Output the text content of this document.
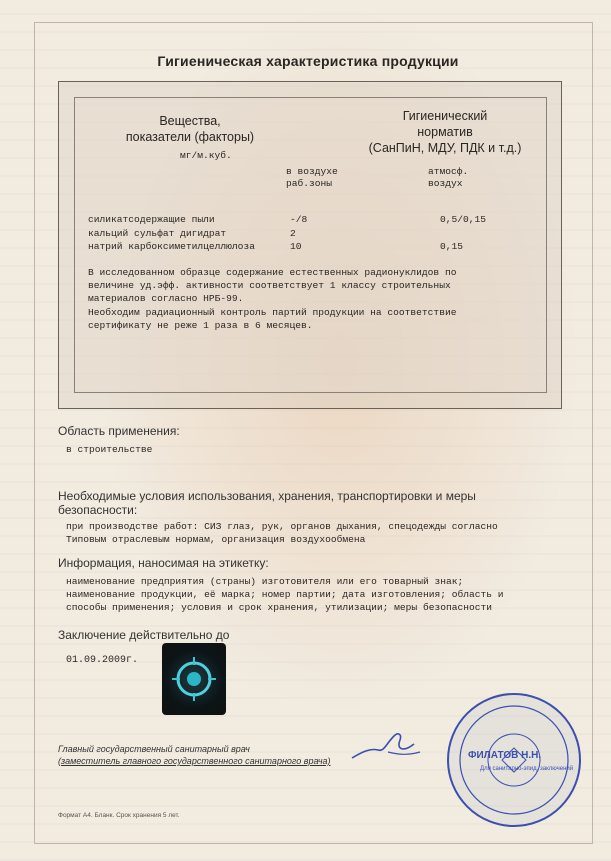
Гигиеническая характеристика продукции
Вещества,
показатели (факторы)
Гигиенический
норматив
(СанПиН, МДУ, ПДК и т.д.)
мг/м.куб.
в воздухе
раб.зоны
атмосф.
воздух
силикатсодержащие пыли	-/8	0,5/0,15
кальций сульфат дигидрат	2
натрий карбоксиметилцеллюлоза	10	0,15
В исследованном образце содержание естественных радионуклидов по
величине уд.эфф. активности соответствует 1 классу строительных
материалов согласно НРБ-99.
Необходим радиационный контроль партий продукции на соответствие
сертификату не реже 1 раза в 6 месяцев.
Область применения:
в строительстве
Необходимые условия использования, хранения, транспортировки и меры
безопасности:
при производстве работ: СИЗ глаз, рук, органов дыхания, спецодежды согласно
Типовым отраслевым нормам, организация воздухообмена
Информация, наносимая на этикетку:
наименование предприятия (страны) изготовителя или его товарный знак;
наименование продукции, её марка; номер партии; дата изготовления; область и
способы применения; условия и срок хранения, утилизации; меры безопасности
Заключение действительно до
01.09.2009г.
Главный государственный санитарный врач
(заместитель главного государственного санитарного врача)	ФИЛАТОВ Н.Н.
Для санитарно-эпид. заключений
Формат А4. Бланк. Срок хранения 5 лет.
